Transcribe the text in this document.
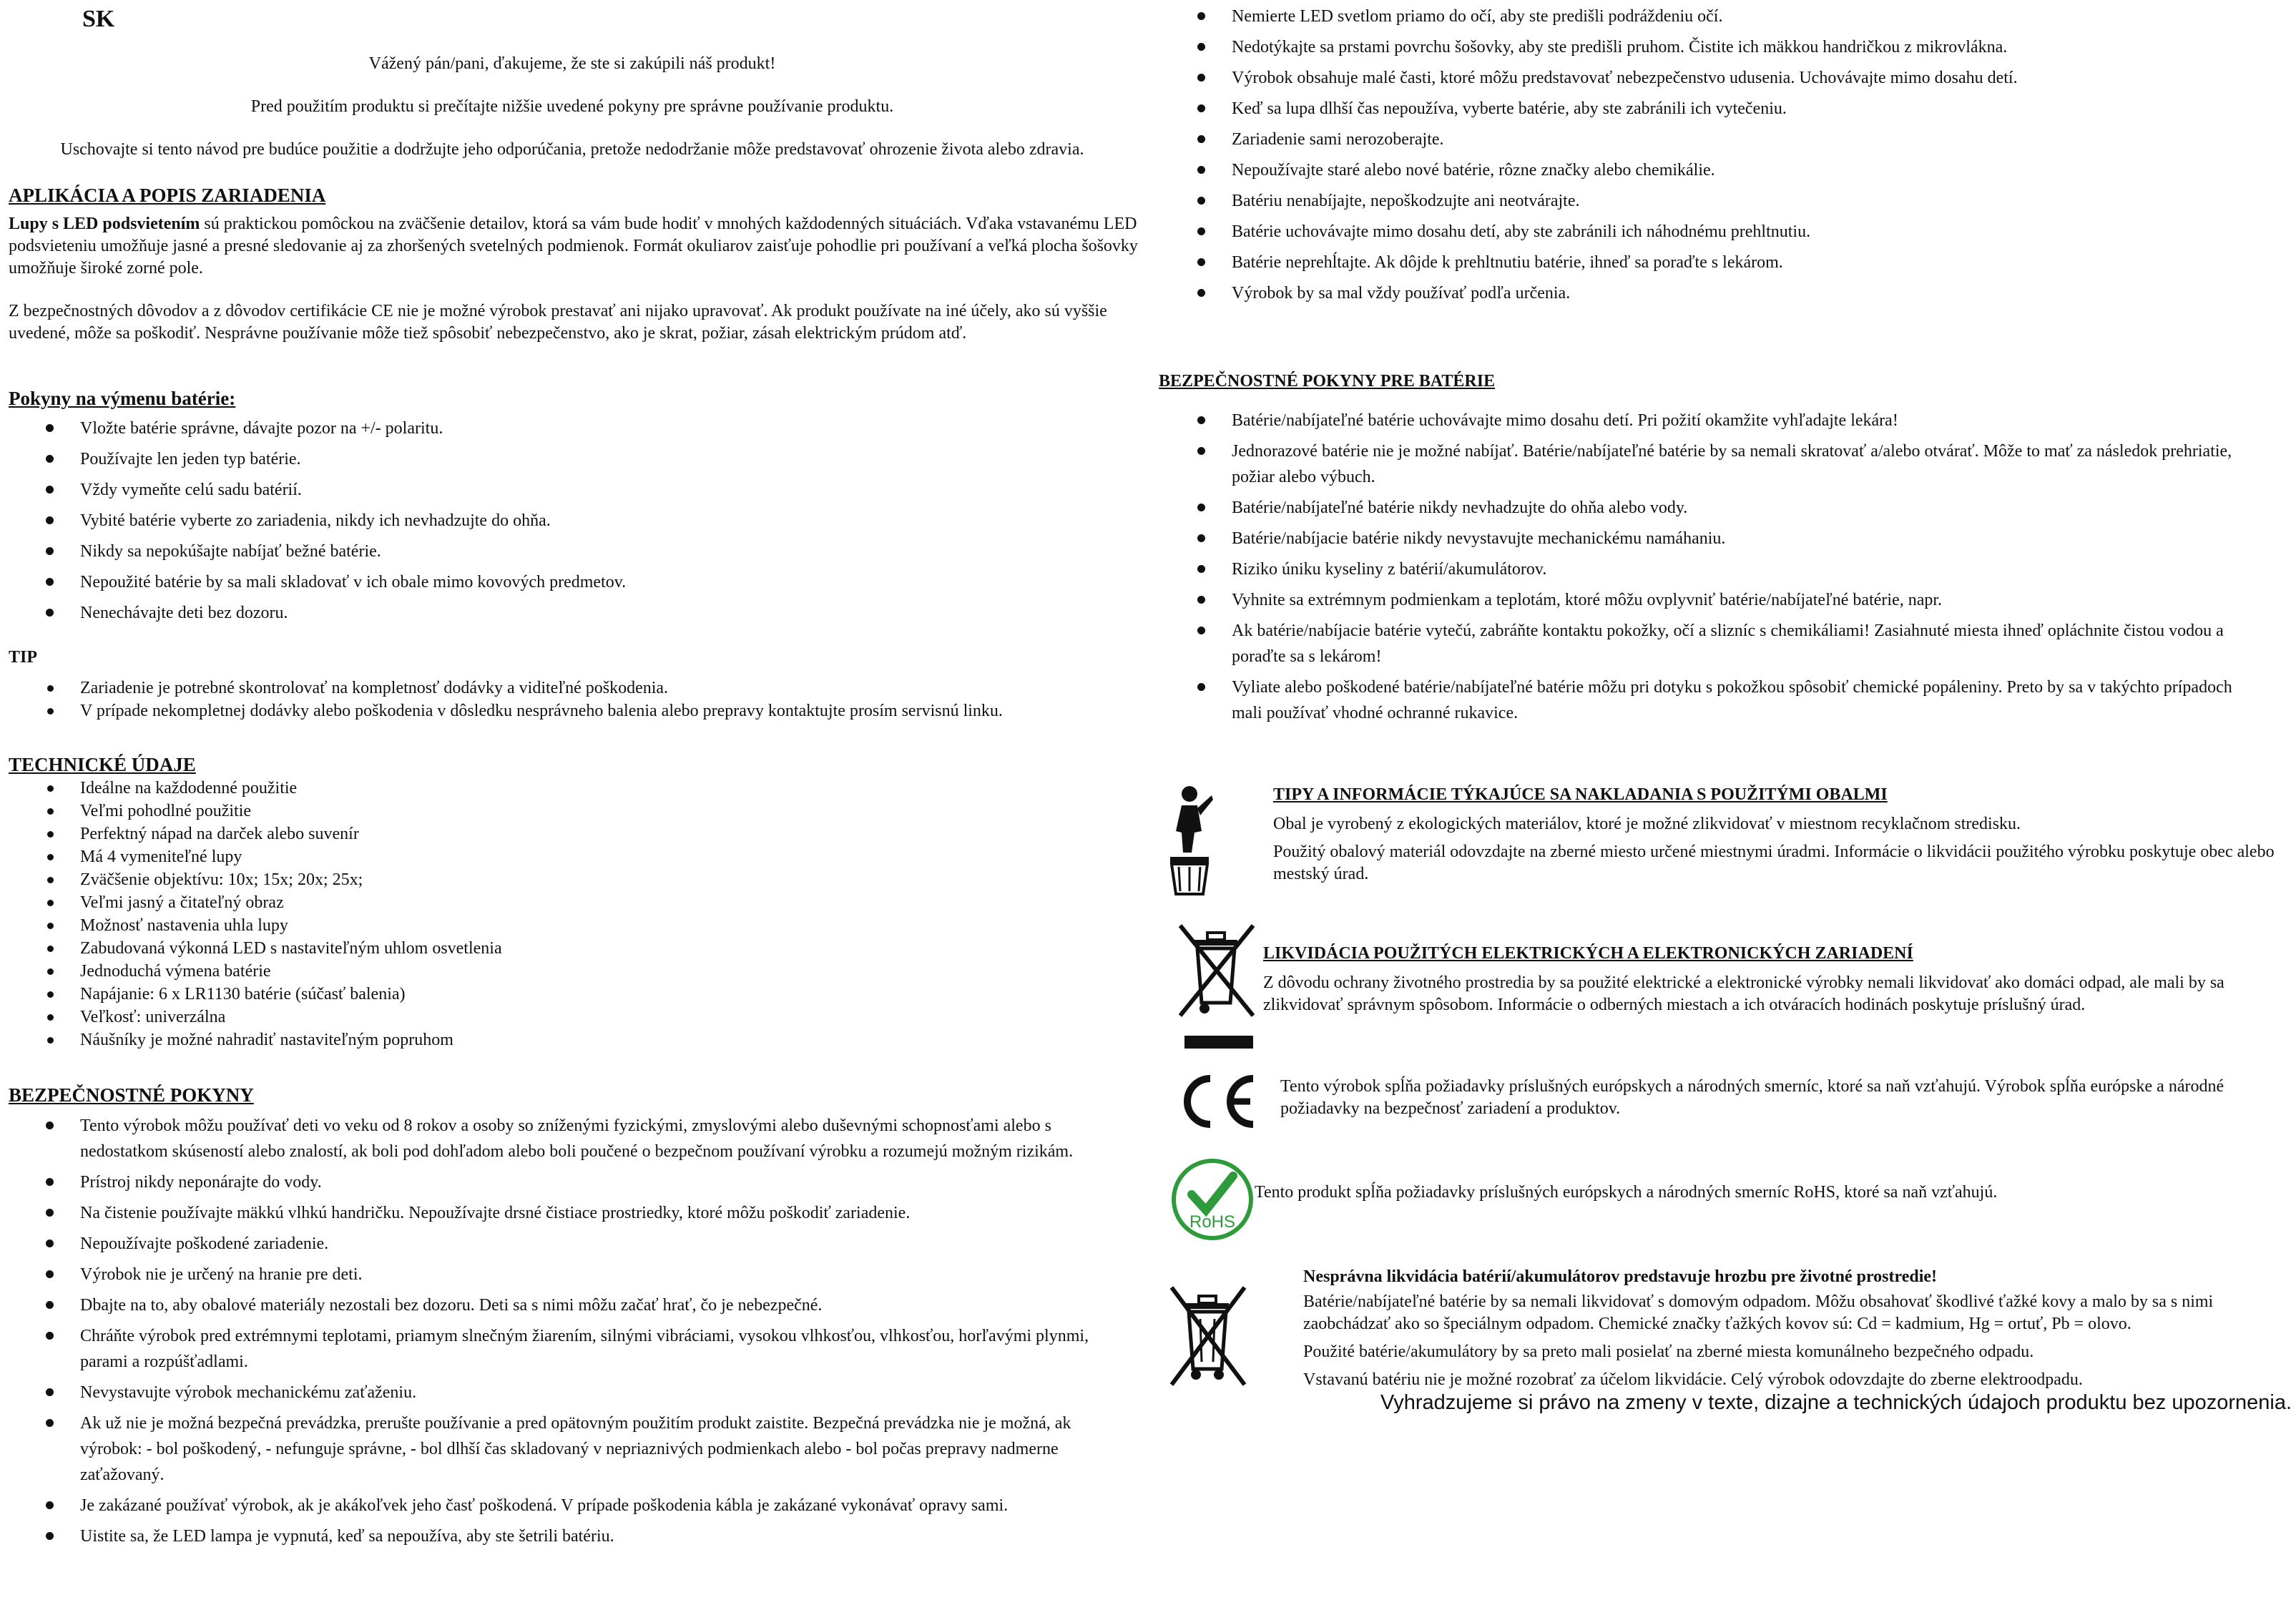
SK
Vážený pán/pani, ďakujeme, že ste si zakúpili náš produkt!
Pred použitím produktu si prečítajte nižšie uvedené pokyny pre správne používanie produktu.
Uschovajte si tento návod pre budúce použitie a dodržujte jeho odporúčania, pretože nedodržanie môže predstavovať ohrozenie života alebo zdravia.
APLIKÁCIA A POPIS ZARIADENIA
Lupy s LED podsvietením sú praktickou pomôckou na zväčšenie detailov, ktorá sa vám bude hodiť v mnohých každodenných situáciách. Vďaka vstavanému LED podsvieteniu umožňuje jasné a presné sledovanie aj za zhoršených svetelných podmienok. Formát okuliarov zaisťuje pohodlie pri používaní a veľká plocha šošovky umožňuje široké zorné pole.
Z bezpečnostných dôvodov a z dôvodov certifikácie CE nie je možné výrobok prestavať ani nijako upravovať. Ak produkt používate na iné účely, ako sú vyššie uvedené, môže sa poškodiť. Nesprávne používanie môže tiež spôsobiť nebezpečenstvo, ako je skrat, požiar, zásah elektrickým prúdom atď.
Pokyny na výmenu batérie:
Vložte batérie správne, dávajte pozor na +/- polaritu.
Používajte len jeden typ batérie.
Vždy vymeňte celú sadu batérií.
Vybité batérie vyberte zo zariadenia, nikdy ich nevhadzujte do ohňa.
Nikdy sa nepokúšajte nabíjať bežné batérie.
Nepoužité batérie by sa mali skladovať v ich obale mimo kovových predmetov.
Nenechávajte deti bez dozoru.
TIP
Zariadenie je potrebné skontrolovať na kompletnosť dodávky a viditeľné poškodenia.
V prípade nekompletnej dodávky alebo poškodenia v dôsledku nesprávneho balenia alebo prepravy kontaktujte prosím servisnú linku.
TECHNICKÉ ÚDAJE
Ideálne na každodenné použitie
Veľmi pohodlné použitie
Perfektný nápad na darček alebo suvenír
Má 4 vymeniteľné lupy
Zväčšenie objektívu: 10x; 15x; 20x; 25x;
Veľmi jasný a čitateľný obraz
Možnosť nastavenia uhla lupy
Zabudovaná výkonná LED s nastaviteľným uhlom osvetlenia
Jednoduchá výmena batérie
Napájanie: 6 x LR1130 batérie (súčasť balenia)
Veľkosť: univerzálna
Náušníky je možné nahradiť nastaviteľným popruhom
BEZPEČNOSTNÉ POKYNY
Tento výrobok môžu používať deti vo veku od 8 rokov a osoby so zníženými fyzickými, zmyslovými alebo duševnými schopnosťami alebo s nedostatkom skúseností alebo znalostí, ak boli pod dohľadom alebo boli poučené o bezpečnom používaní výrobku a rozumejú možným rizikám.
Prístroj nikdy neponárajte do vody.
Na čistenie používajte mäkkú vlhkú handričku. Nepoužívajte drsné čistiace prostriedky, ktoré môžu poškodiť zariadenie.
Nepoužívajte poškodené zariadenie.
Výrobok nie je určený na hranie pre deti.
Dbajte na to, aby obalové materiály nezostali bez dozoru. Deti sa s nimi môžu začať hrať, čo je nebezpečné.
Chráňte výrobok pred extrémnymi teplotami, priamym slnečným žiarením, silnými vibráciami, vysokou vlhkosťou, vlhkosťou, horľavými plynmi, parami a rozpúšťadlami.
Nevystavujte výrobok mechanickému zaťaženiu.
Ak už nie je možná bezpečná prevádzka, prerušte používanie a pred opätovným použitím produkt zaistite. Bezpečná prevádzka nie je možná, ak výrobok: - bol poškodený, - nefunguje správne, - bol dlhší čas skladovaný v nepriaznivých podmienkach alebo - bol počas prepravy nadmerne zaťažovaný.
Je zakázané používať výrobok, ak je akákoľvek jeho časť poškodená. V prípade poškodenia kábla je zakázané vykonávať opravy sami.
Uistite sa, že LED lampa je vypnutá, keď sa nepoužíva, aby ste šetrili batériu.
Nemierte LED svetlom priamo do očí, aby ste predišli podráždeniu očí.
Nedotýkajte sa prstami povrchu šošovky, aby ste predišli pruhom. Čistite ich mäkkou handričkou z mikrovlákna.
Výrobok obsahuje malé časti, ktoré môžu predstavovať nebezpečenstvo udusenia. Uchovávajte mimo dosahu detí.
Keď sa lupa dlhší čas nepoužíva, vyberte batérie, aby ste zabránili ich vytečeniu.
Zariadenie sami nerozoberajte.
Nepoužívajte staré alebo nové batérie, rôzne značky alebo chemikálie.
Batériu nenabíjajte, nepoškodzujte ani neotvárajte.
Batérie uchovávajte mimo dosahu detí, aby ste zabránili ich náhodnému prehltnutiu.
Batérie neprehĺtajte. Ak dôjde k prehltnutiu batérie, ihneď sa poraďte s lekárom.
Výrobok by sa mal vždy používať podľa určenia.
BEZPEČNOSTNÉ POKYNY PRE BATÉRIE
Batérie/nabíjateľné batérie uchovávajte mimo dosahu detí. Pri požití okamžite vyhľadajte lekára!
Jednorazové batérie nie je možné nabíjať. Batérie/nabíjateľné batérie by sa nemali skratovať a/alebo otvárať. Môže to mať za následok prehriatie, požiar alebo výbuch.
Batérie/nabíjateľné batérie nikdy nevhadzujte do ohňa alebo vody.
Batérie/nabíjacie batérie nikdy nevystavujte mechanickému namáhaniu.
Riziko úniku kyseliny z batérií/akumulátorov.
Vyhnite sa extrémnym podmienkam a teplotám, ktoré môžu ovplyvniť batérie/nabíjateľné batérie, napr.
Ak batérie/nabíjacie batérie vytečú, zabráňte kontaktu pokožky, očí a slizníc s chemikáliami! Zasiahnuté miesta ihneď opláchnite čistou vodou a poraďte sa s lekárom!
Vyliate alebo poškodené batérie/nabíjateľné batérie môžu pri dotyku s pokožkou spôsobiť chemické popáleniny. Preto by sa v takýchto prípadoch mali používať vhodné ochranné rukavice.
TIPY A INFORMÁCIE TÝKAJÚCE SA NAKLADANIA S POUŽITÝMI OBALMI
Obal je vyrobený z ekologických materiálov, ktoré je možné zlikvidovať v miestnom recyklačnom stredisku.
Použitý obalový materiál odovzdajte na zberné miesto určené miestnymi úradmi. Informácie o likvidácii použitého výrobku poskytuje obec alebo mestský úrad.
LIKVIDÁCIA POUŽITÝCH ELEKTRICKÝCH A ELEKTRONICKÝCH ZARIADENÍ
Z dôvodu ochrany životného prostredia by sa použité elektrické a elektronické výrobky nemali likvidovať ako domáci odpad, ale mali by sa zlikvidovať správnym spôsobom. Informácie o odberných miestach a ich otváracích hodinách poskytuje príslušný úrad.
Tento výrobok spĺňa požiadavky príslušných európskych a národných smerníc, ktoré sa naň vzťahujú. Výrobok spĺňa európske a národné požiadavky na bezpečnosť zariadení a produktov.
RoHS
Tento produkt spĺňa požiadavky príslušných európskych a národných smerníc RoHS, ktoré sa naň vzťahujú.
Nesprávna likvidácia batérií/akumulátorov predstavuje hrozbu pre životné prostredie!
Batérie/nabíjateľné batérie by sa nemali likvidovať s domovým odpadom. Môžu obsahovať škodlivé ťažké kovy a malo by sa s nimi zaobchádzať ako so špeciálnym odpadom. Chemické značky ťažkých kovov sú: Cd = kadmium, Hg = ortuť, Pb = olovo.
Použité batérie/akumulátory by sa preto mali posielať na zberné miesta komunálneho bezpečného odpadu.
Vstavanú batériu nie je možné rozobrať za účelom likvidácie. Celý výrobok odovzdajte do zberne elektroodpadu.
Vyhradzujeme si právo na zmeny v texte, dizajne a technických údajoch produktu bez upozornenia.
